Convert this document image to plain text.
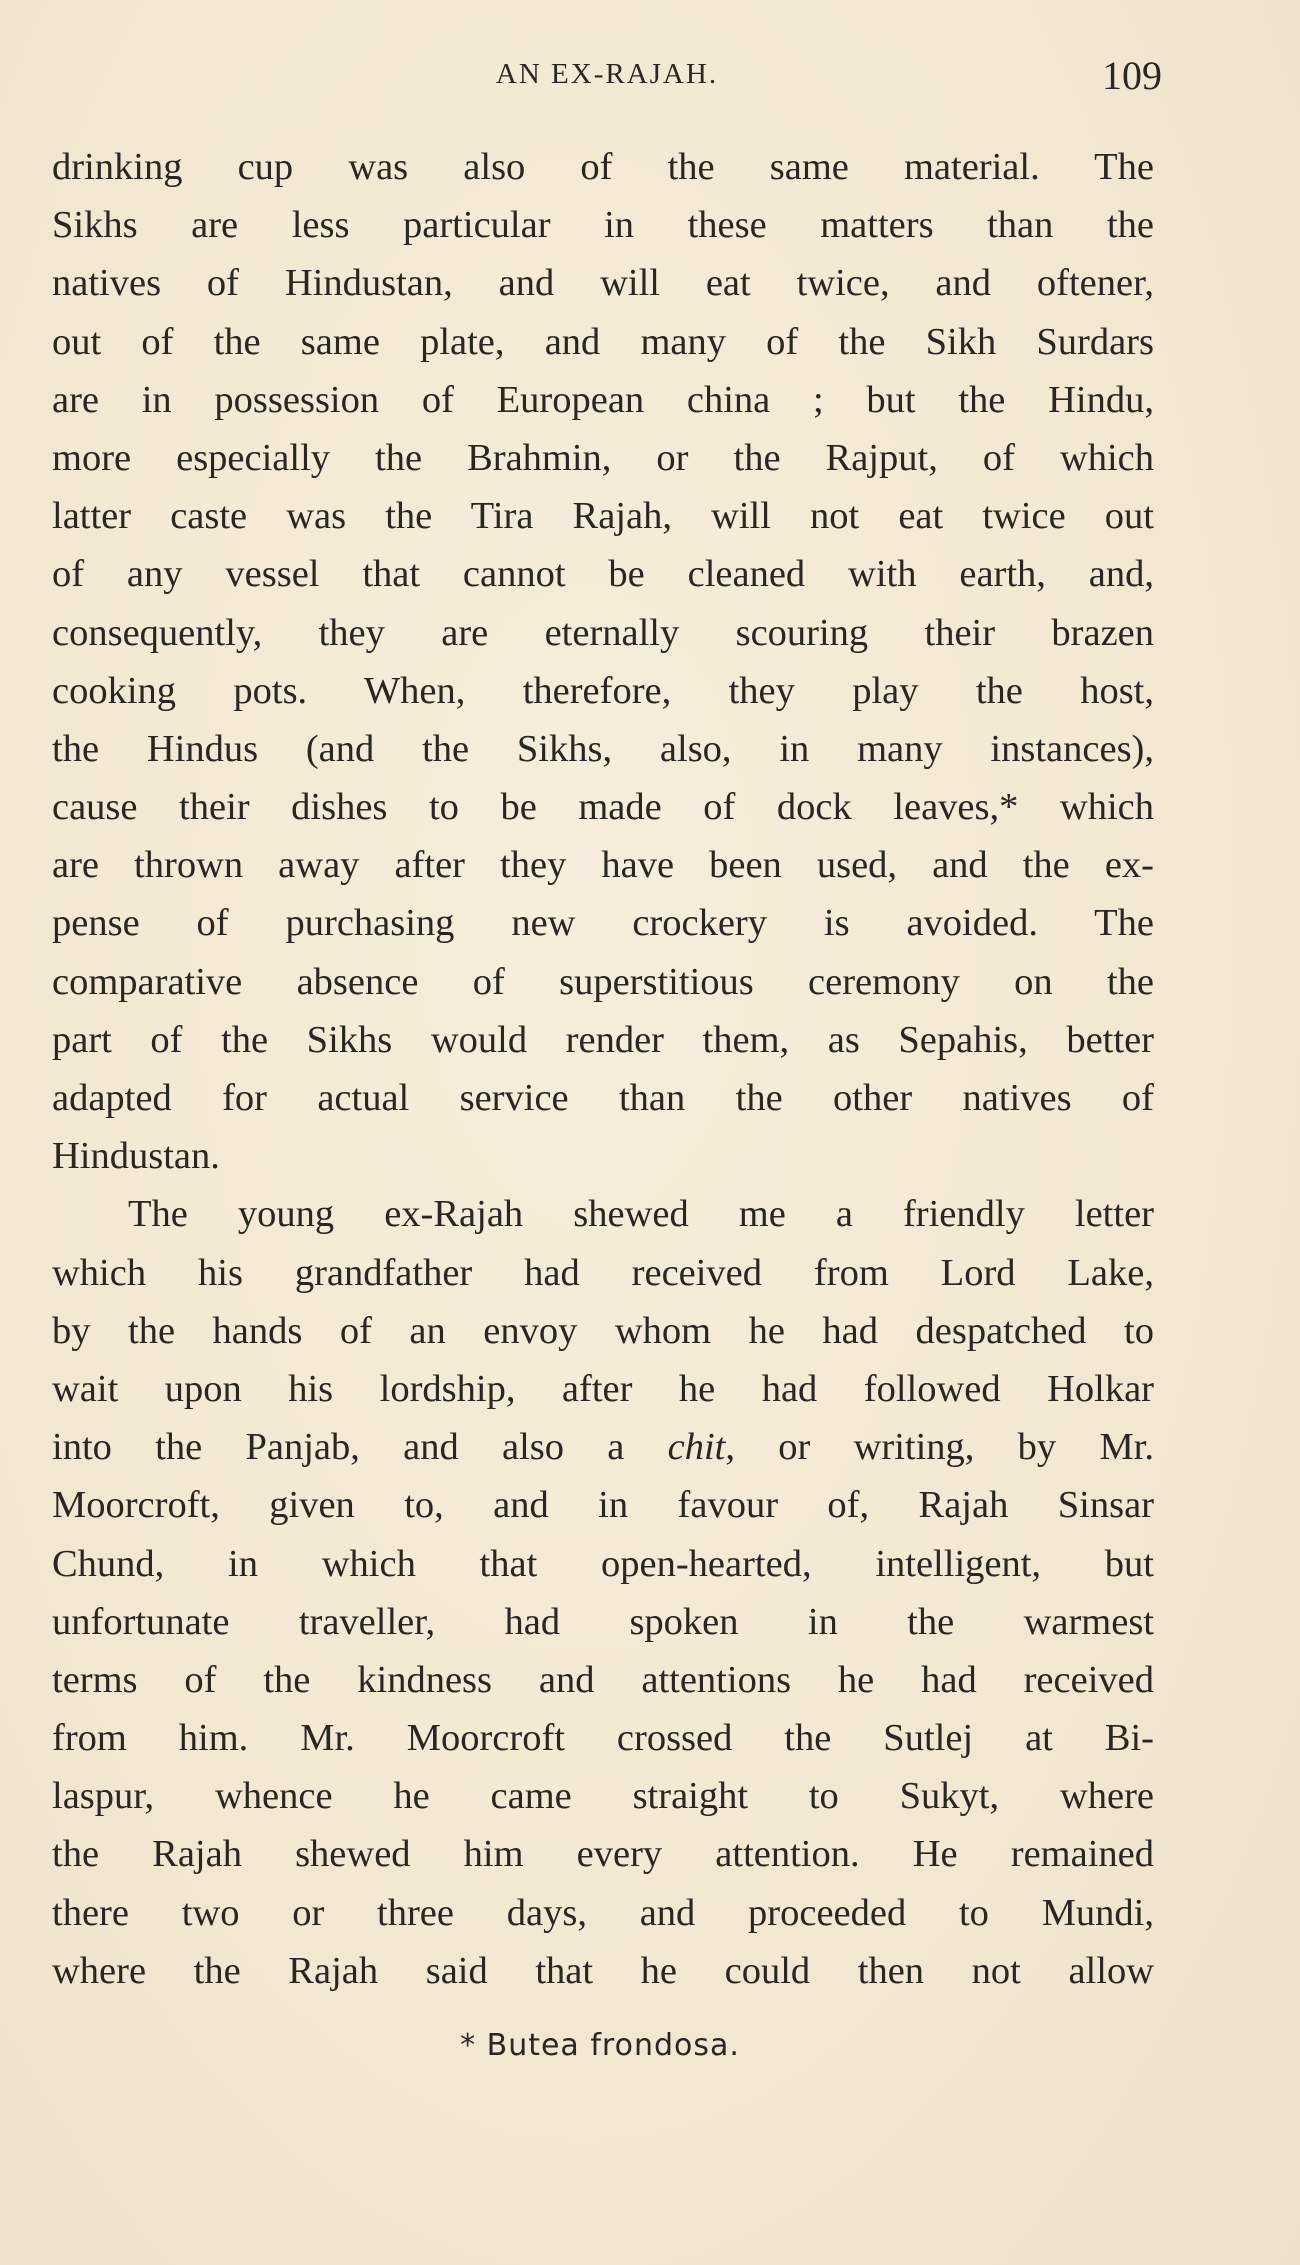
AN EX-RAJAH.	109
drinking cup was also of the same material. The
Sikhs are less particular in these matters than the
natives of Hindustan, and will eat twice, and oftener,
out of the same plate, and many of the Sikh Surdars
are in possession of European china ; but the Hindu,
more especially the Brahmin, or the Rajput, of which
latter caste was the Tira Rajah, will not eat twice out
of any vessel that cannot be cleaned with earth, and,
consequently, they are eternally scouring their brazen
cooking pots. When, therefore, they play the host,
the Hindus (and the Sikhs, also, in many instances),
cause their dishes to be made of dock leaves,* which
are thrown away after they have been used, and the ex-
pense of purchasing new crockery is avoided. The
comparative absence of superstitious ceremony on the
part of the Sikhs would render them, as Sepahis, better
adapted for actual service than the other natives of
Hindustan.
The young ex-Rajah shewed me a friendly letter
which his grandfather had received from Lord Lake,
by the hands of an envoy whom he had despatched to
wait upon his lordship, after he had followed Holkar
into the Panjab, and also a chit, or writing, by Mr.
Moorcroft, given to, and in favour of, Rajah Sinsar
Chund, in which that open-hearted, intelligent, but
unfortunate traveller, had spoken in the warmest
terms of the kindness and attentions he had received
from him. Mr. Moorcroft crossed the Sutlej at Bi-
laspur, whence he came straight to Sukyt, where
the Rajah shewed him every attention. He remained
there two or three days, and proceeded to Mundi,
where the Rajah said that he could then not allow
* Butea frondosa.
